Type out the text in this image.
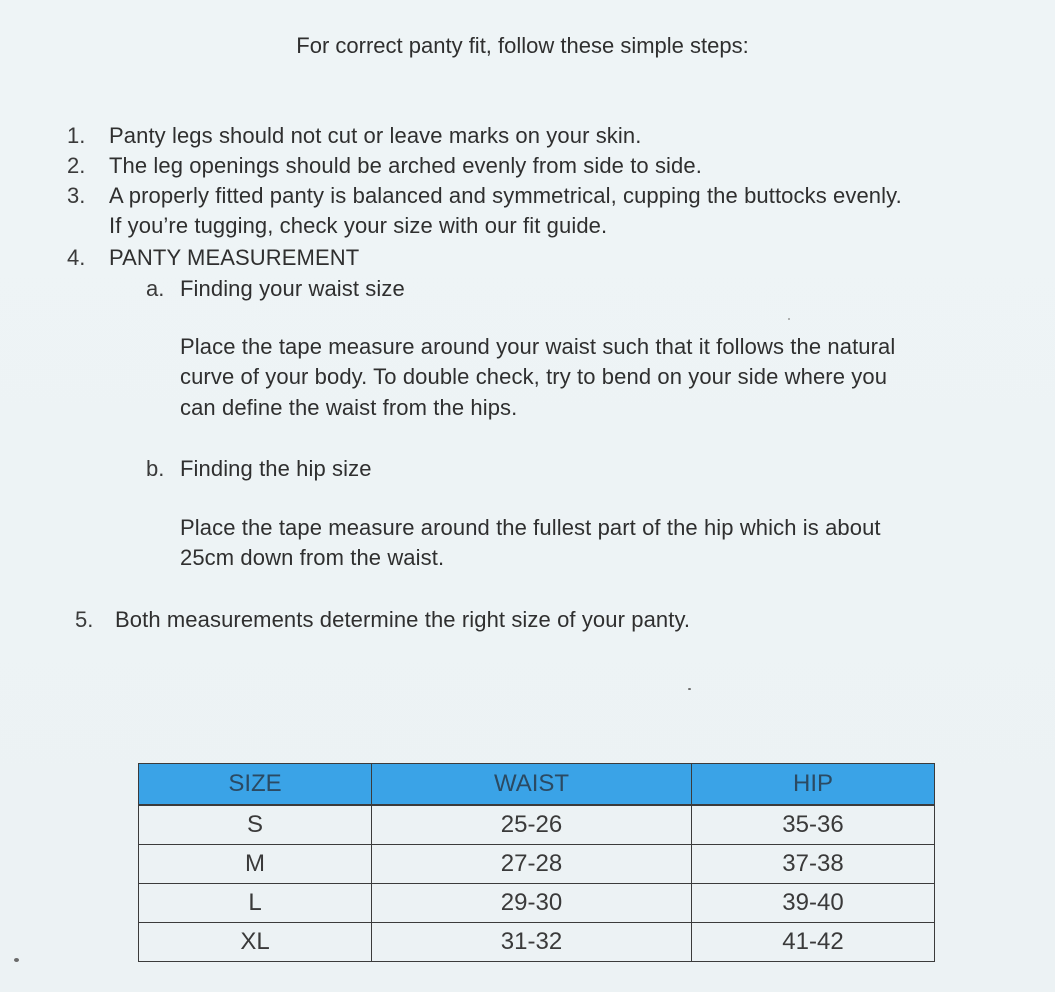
For correct panty fit, follow these simple steps:
1. Panty legs should not cut or leave marks on your skin.
2. The leg openings should be arched evenly from side to side.
3. A properly fitted panty is balanced and symmetrical, cupping the buttocks evenly.
If you’re tugging, check your size with our fit guide.
4. PANTY MEASUREMENT
a. Finding your waist size
Place the tape measure around your waist such that it follows the natural
curve of your body. To double check, try to bend on your side where you
can define the waist from the hips.
b. Finding the hip size
Place the tape measure around the fullest part of the hip which is about
25cm down from the waist.
5. Both measurements determine the right size of your panty.
SIZE	WAIST	HIP
S	25-26	35-36
M	27-28	37-38
L	29-30	39-40
XL	31-32	41-42
